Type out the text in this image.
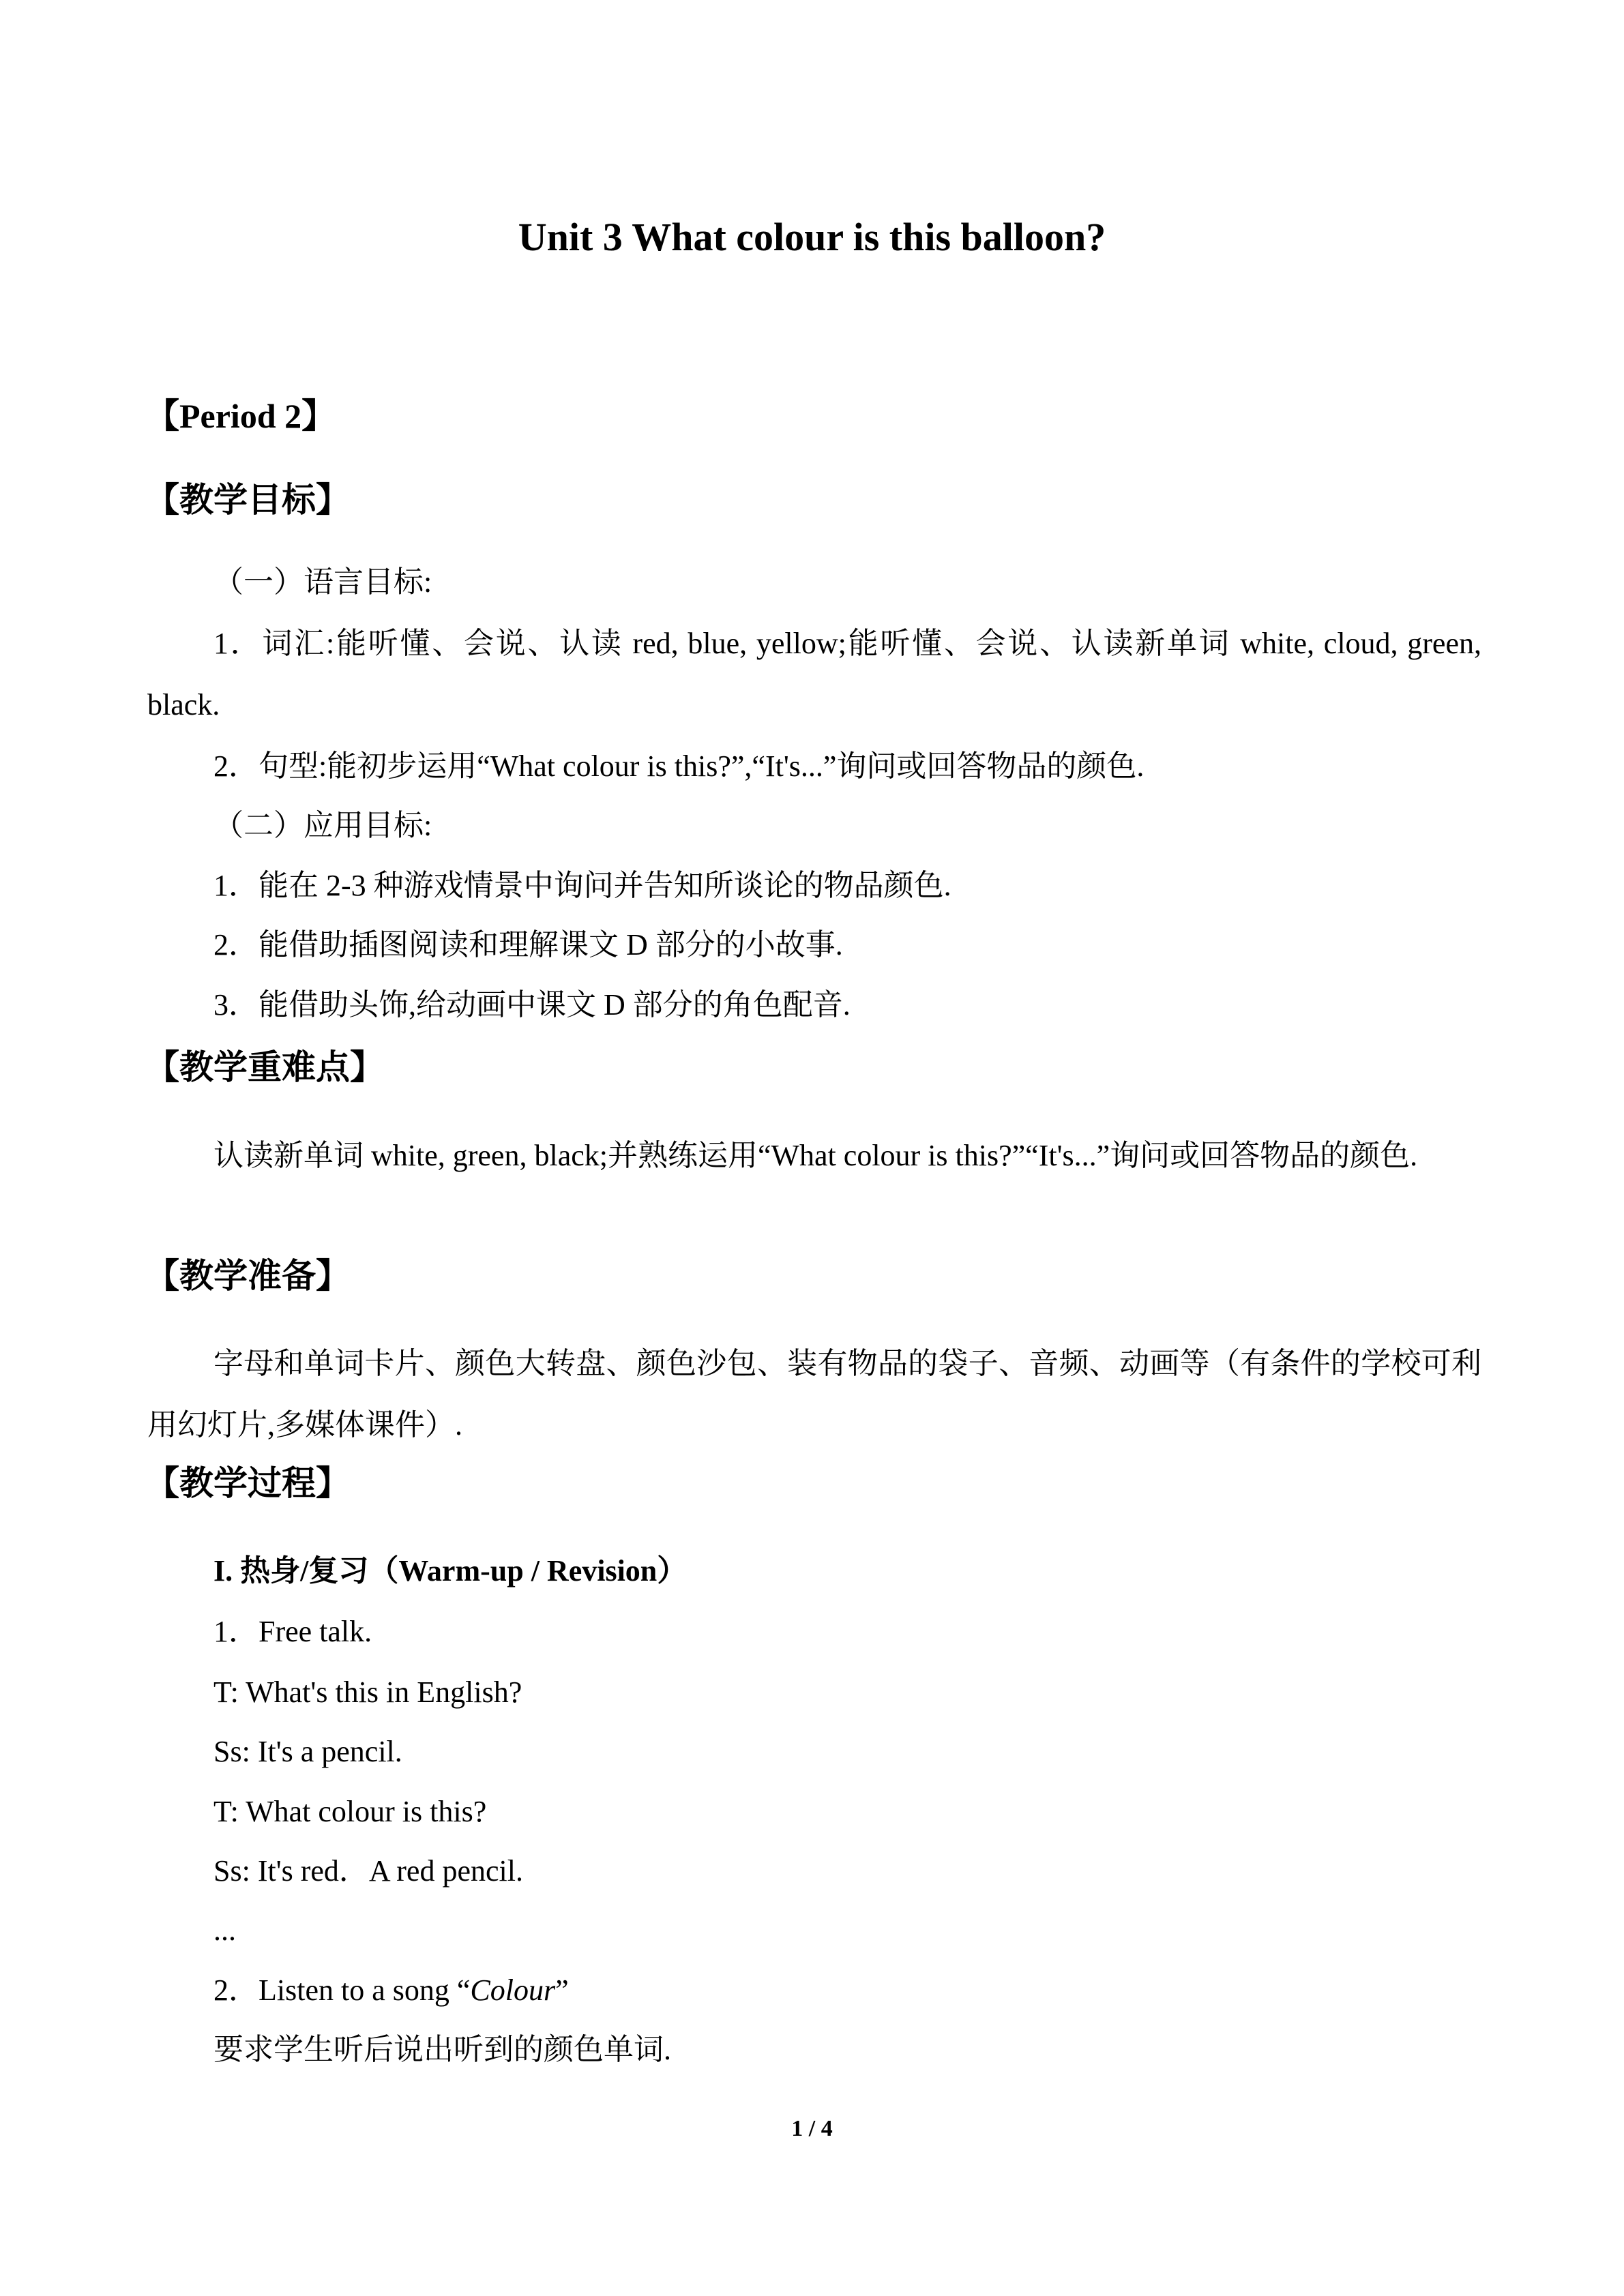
Unit 3 What colour is this balloon?
【Period 2】
【教学目标】
（一）语言目标:
1．词汇:能听懂、会说、认读 red, blue, yellow;能听懂、会说、认读新单词 white, cloud, green, black.
2．句型:能初步运用“What colour is this?”,“It's...”询问或回答物品的颜色.
（二）应用目标:
1．能在 2-3 种游戏情景中询问并告知所谈论的物品颜色.
2．能借助插图阅读和理解课文 D 部分的小故事.
3．能借助头饰,给动画中课文 D 部分的角色配音.
【教学重难点】
认读新单词 white, green, black;并熟练运用“What colour is this?”“It's...”询问或回答物品的颜色.
【教学准备】
字母和单词卡片、颜色大转盘、颜色沙包、装有物品的袋子、音频、动画等（有条件的学校可利用幻灯片,多媒体课件）.
【教学过程】
I. 热身/复习（Warm-up / Revision）
1．Free talk.
T: What's this in English?
Ss: It's a pencil.
T: What colour is this?
Ss: It's red．A red pencil.
...
2．Listen to a song “Colour”
要求学生听后说出听到的颜色单词.
1 / 4
